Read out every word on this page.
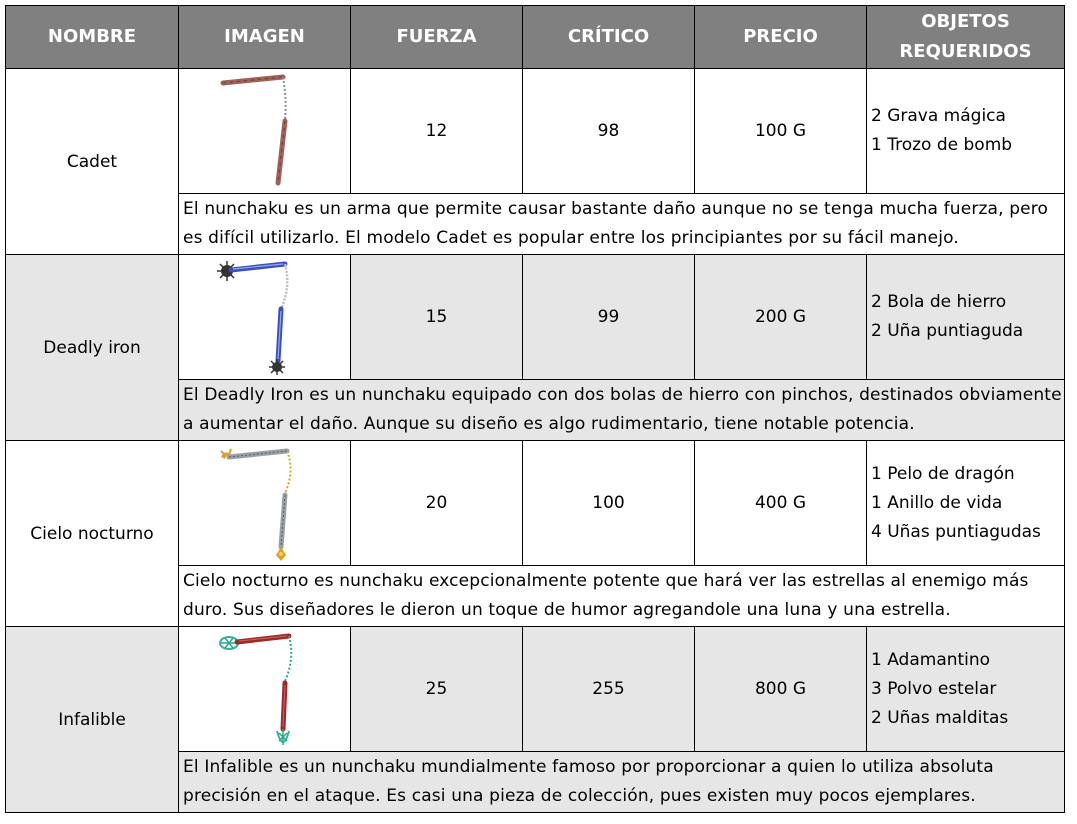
NOMBRE	IMAGEN	FUERZA	CRÍTICO	PRECIO	OBJETOS
REQUERIDOS
Cadet		12	98	100 G	2 Grava mágica
1 Trozo de bomb

	El nunchaku es un arma que permite causar bastante daño aunque no se tenga mucha fuerza, pero es difícil utilizarlo. El modelo Cadet es popular entre los principiantes por su fácil manejo.				
Deadly iron		15	99	200 G	2 Bola de hierro
2 Uña puntiaguda

	El Deadly Iron es un nunchaku equipado con dos bolas de hierro con pinchos, destinados obviamente a aumentar el daño. Aunque su diseño es algo rudimentario, tiene notable potencia.				
Cielo nocturno		20	100	400 G	1 Pelo de dragón
1 Anillo de vida
4 Uñas puntiagudas

	Cielo nocturno es nunchaku excepcionalmente potente que hará ver las estrellas al enemigo más duro. Sus diseñadores le dieron un toque de humor agregandole una luna y una estrella.				
Infalible		25	255	800 G	1 Adamantino
3 Polvo estelar
2 Uñas malditas

	El Infalible es un nunchaku mundialmente famoso por proporcionar a quien lo utiliza absoluta precisión en el ataque. Es casi una pieza de colección, pues existen muy pocos ejemplares.				
